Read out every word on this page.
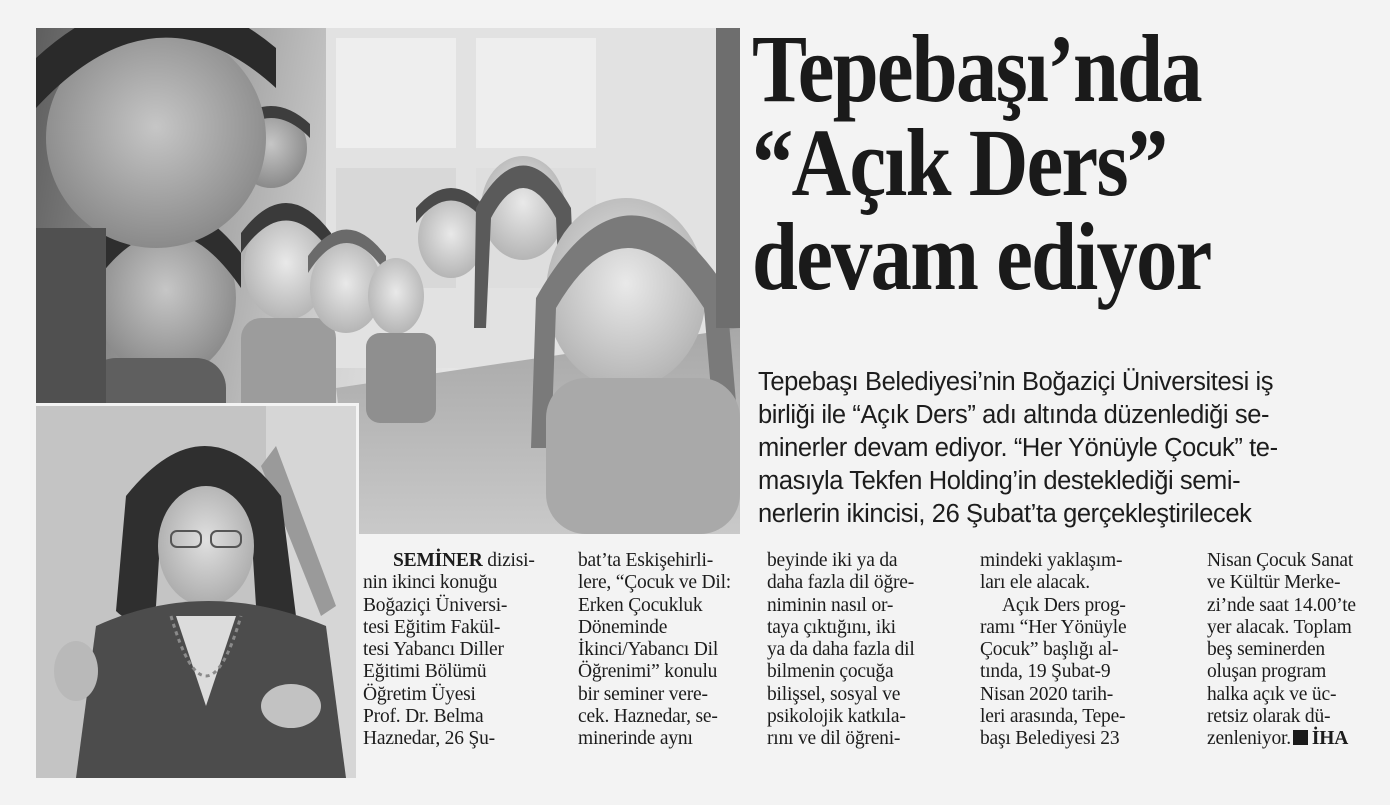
Tepebaşı’nda
“Açık Ders”
devam ediyor
Tepebaşı Belediyesi’nin Boğaziçi Üniversitesi iş
birliği ile “Açık Ders” adı altında düzenlediği se-
minerler devam ediyor. “Her Yönüyle Çocuk” te-
masıyla Tekfen Holding’in desteklediği semi-
nerlerin ikincisi, 26 Şubat’ta gerçekleştirilecek
SEMİNER dizisi-
nin ikinci konuğu
Boğaziçi Üniversi-
tesi Eğitim Fakül-
tesi Yabancı Diller
Eğitimi Bölümü
Öğretim Üyesi
Prof. Dr. Belma
Haznedar, 26 Şu-
bat’ta Eskişehirli-
lere, “Çocuk ve Dil:
Erken Çocukluk
Döneminde
İkinci/Yabancı Dil
Öğrenimi” konulu
bir seminer vere-
cek. Haznedar, se-
minerinde aynı
beyinde iki ya da
daha fazla dil öğre-
niminin nasıl or-
taya çıktığını, iki
ya da daha fazla dil
bilmenin çocuğa
bilişsel, sosyal ve
psikolojik katkıla-
rını ve dil öğreni-
mindeki yaklaşım-
ları ele alacak.
Açık Ders prog-
ramı “Her Yönüyle
Çocuk” başlığı al-
tında, 19 Şubat-9
Nisan 2020 tarih-
leri arasında, Tepe-
başı Belediyesi 23
Nisan Çocuk Sanat
ve Kültür Merke-
zi’nde saat 14.00’te
yer alacak. Toplam
beş seminerden
oluşan program
halka açık ve üc-
retsiz olarak dü-
zenleniyor. İHA
